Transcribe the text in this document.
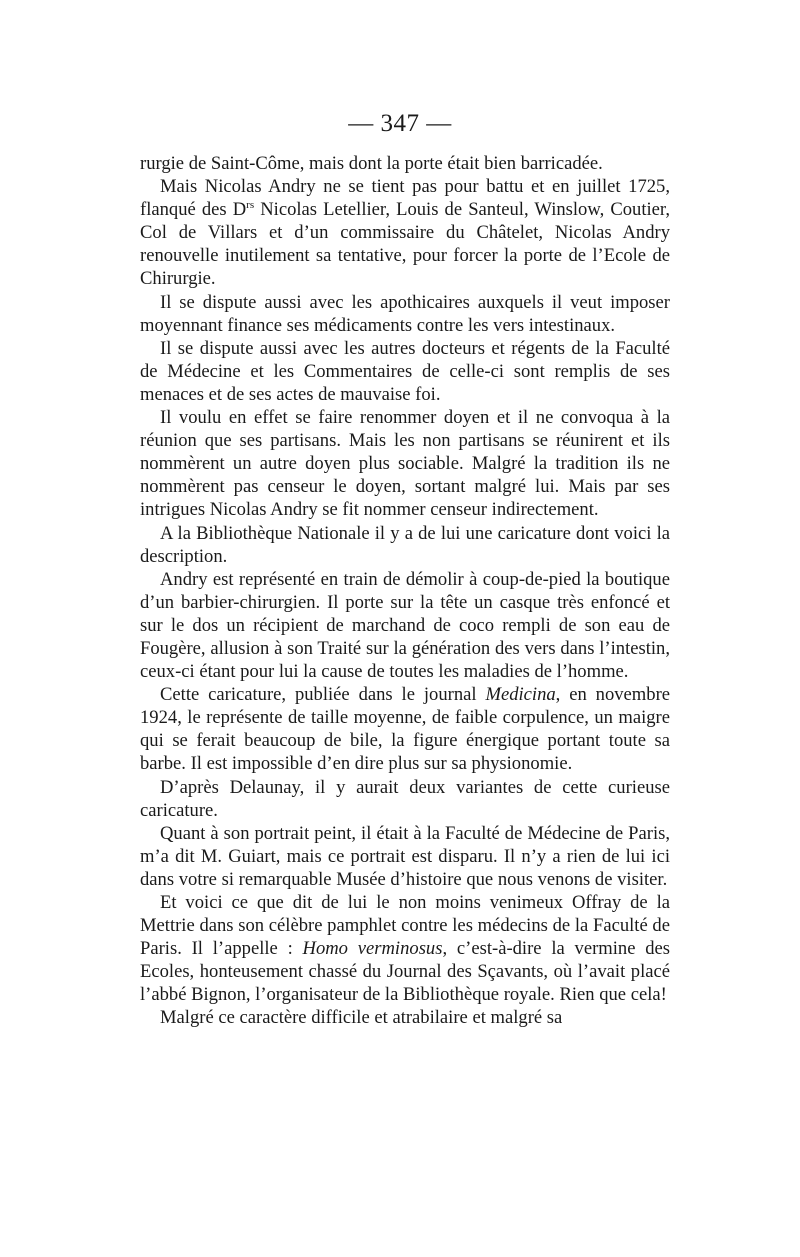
— 347 —

rurgie de Saint-Côme, mais dont la porte était bien barricadée.

Mais Nicolas Andry ne se tient pas pour battu et en juillet 1725, flanqué des $D^{rs}$ Nicolas Letellier, Louis de Santeul, Winslow, Coutier, Col de Villars et d’un commissaire du Châtelet, Nicolas Andry renouvelle inutilement sa tentative, pour forcer la porte de l’Ecole de Chirurgie.

Il se dispute aussi avec les apothicaires auxquels il veut imposer moyennant finance ses médicaments contre les vers intestinaux.

Il se dispute aussi avec les autres docteurs et régents de la Faculté de Médecine et les Commentaires de celle-ci sont remplis de ses menaces et de ses actes de mauvaise foi.

Il voulu en effet se faire renommer doyen et il ne convoqua à la réunion que ses partisans. Mais les non partisans se réunirent et ils nommèrent un autre doyen plus sociable. Malgré la tradition ils ne nommèrent pas censeur le doyen, sortant malgré lui. Mais par ses intrigues Nicolas Andry se fit nommer censeur indirectement.

A la Bibliothèque Nationale il y a de lui une caricature dont voici la description.

Andry est représenté en train de démolir à coup-de-pied la boutique d’un barbier-chirurgien. Il porte sur la tête un casque très enfoncé et sur le dos un récipient de marchand de coco rempli de son eau de Fougère, allusion à son Traité sur la génération des vers dans l’intestin, ceux-ci étant pour lui la cause de toutes les maladies de l’homme.

Cette caricature, publiée dans le journal Medicina, en novembre 1924, le représente de taille moyenne, de faible corpulence, un maigre qui se ferait beaucoup de bile, la figure énergique portant toute sa barbe. Il est impossible d’en dire plus sur sa physionomie.

D’après Delaunay, il y aurait deux variantes de cette curieuse caricature.

Quant à son portrait peint, il était à la Faculté de Médecine de Paris, m’a dit M. Guiart, mais ce portrait est disparu. Il n’y a rien de lui ici dans votre si remarquable Musée d’histoire que nous venons de visiter.

Et voici ce que dit de lui le non moins venimeux Offray de la Mettrie dans son célèbre pamphlet contre les médecins de la Faculté de Paris. Il l’appelle : Homo verminosus, c’est-à-dire la vermine des Ecoles, honteusement chassé du Journal des Sçavants, où l’avait placé l’abbé Bignon, l’organisateur de la Bibliothèque royale. Rien que cela!

Malgré ce caractère difficile et atrabilaire et malgré sa
